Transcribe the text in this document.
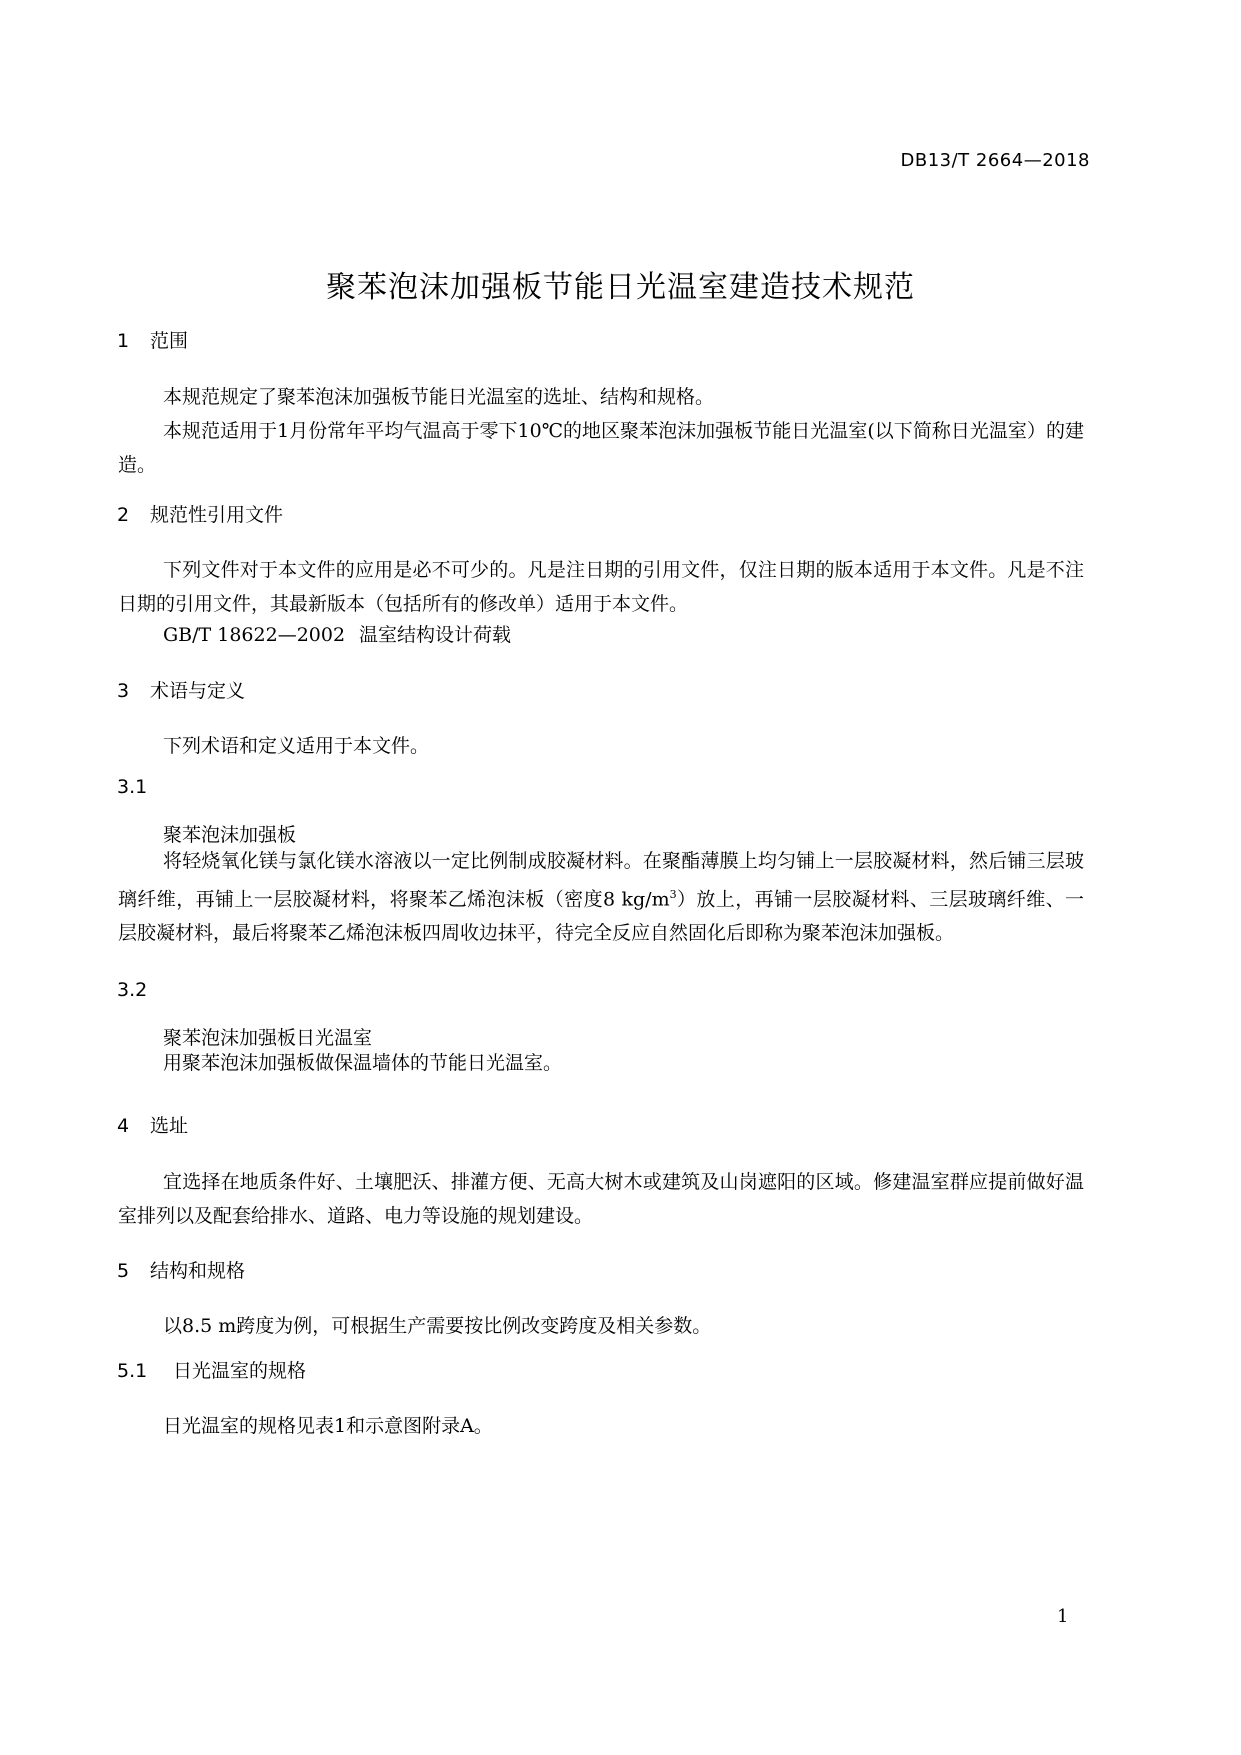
DB13/T 2664—2018
聚苯泡沫加强板节能日光温室建造技术规范
1 范围

本规范规定了聚苯泡沫加强板节能日光温室的选址、结构和规格。

本规范适用于1月份常年平均气温高于零下10℃的地区聚苯泡沫加强板节能日光温室(以下简称日光温室）的建造。

2 规范性引用文件

下列文件对于本文件的应用是必不可少的。凡是注日期的引用文件，仅注日期的版本适用于本文件。凡是不注日期的引用文件，其最新版本（包括所有的修改单）适用于本文件。

GB/T 18622—2002 温室结构设计荷载
3 术语与定义

下列术语和定义适用于本文件。

3.1
聚苯泡沫加强板

将轻烧氧化镁与氯化镁水溶液以一定比例制成胶凝材料。在聚酯薄膜上均匀铺上一层胶凝材料，然后铺三层玻璃纤维，再铺上一层胶凝材料，将聚苯乙烯泡沫板（密度8 $kg/m^3$）放上，再铺一层胶凝材料、三层玻璃纤维、一层胶凝材料，最后将聚苯乙烯泡沫板四周收边抹平，待完全反应自然固化后即称为聚苯泡沫加强板。

3.2
聚苯泡沫加强板日光温室

用聚苯泡沫加强板做保温墙体的节能日光温室。

4 选址

宜选择在地质条件好、土壤肥沃、排灌方便、无高大树木或建筑及山岗遮阳的区域。修建温室群应提前做好温室排列以及配套给排水、道路、电力等设施的规划建设。

5 结构和规格

以8.5 m跨度为例，可根据生产需要按比例改变跨度及相关参数。

5.1 日光温室的规格

日光温室的规格见表1和示意图附录A。

1
